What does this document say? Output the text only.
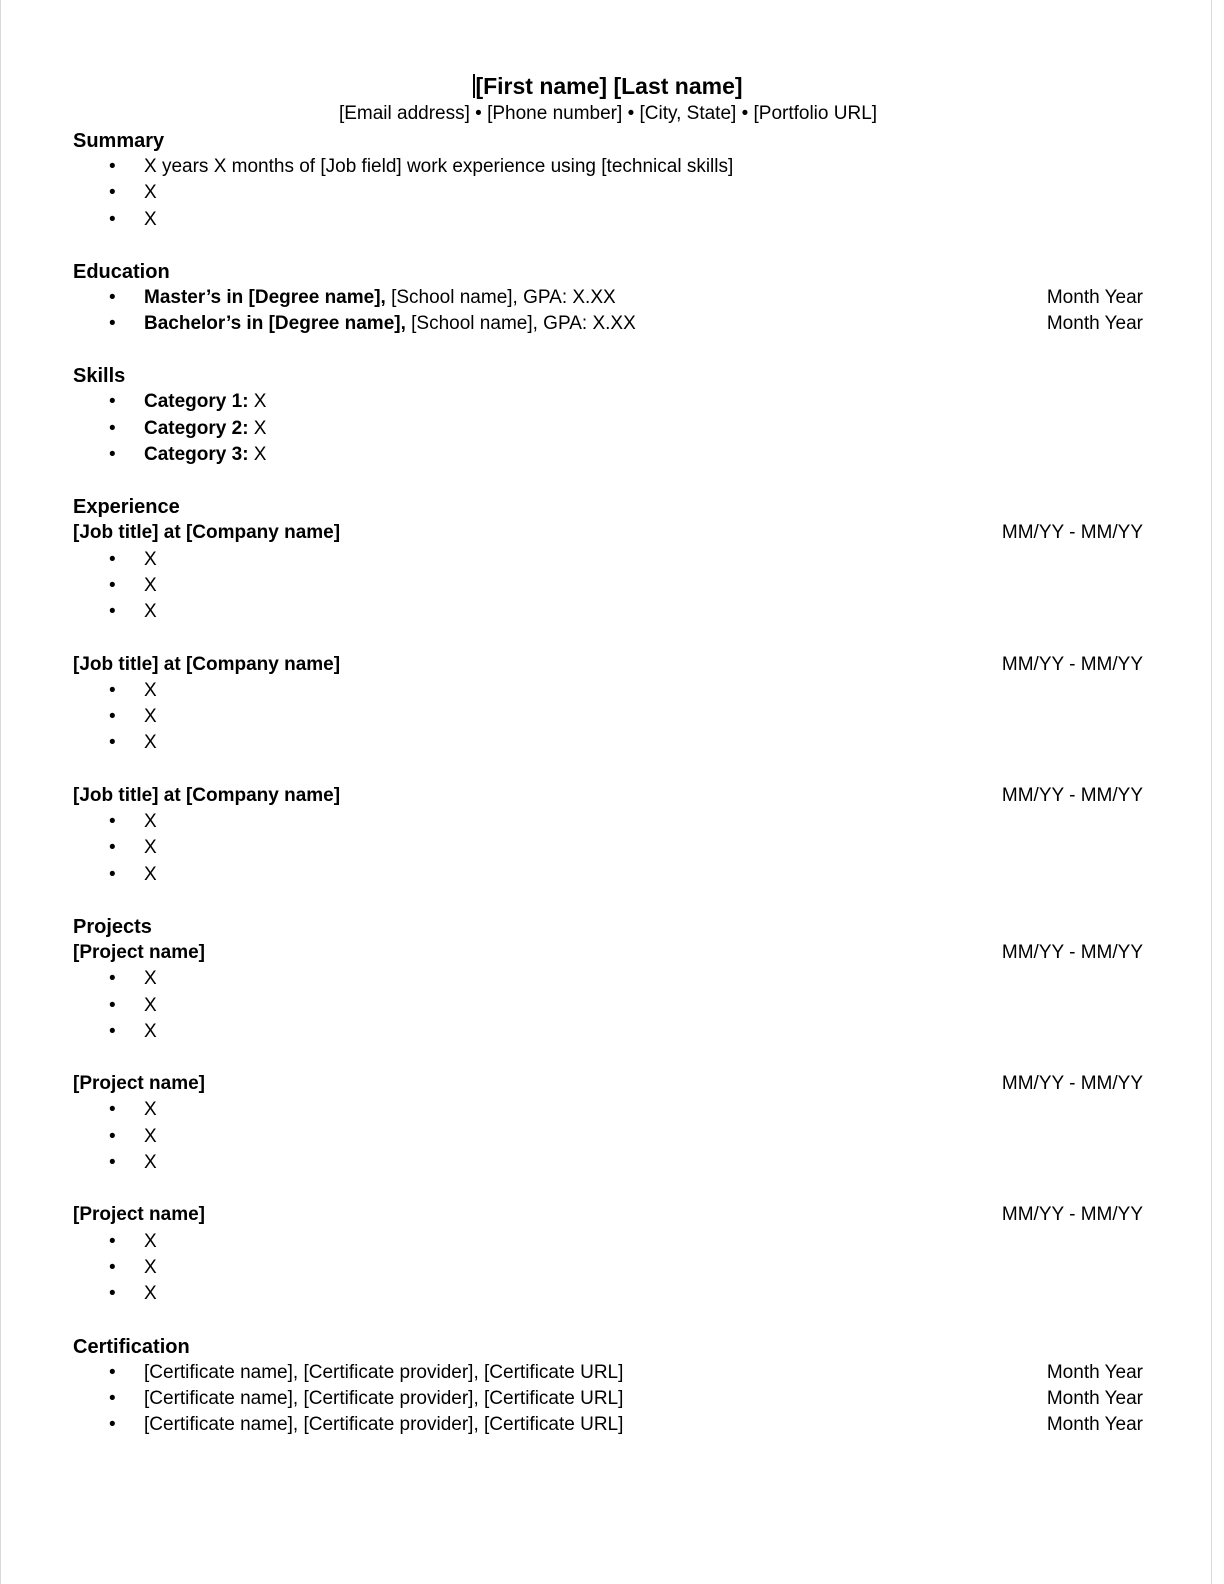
[First name] [Last name]

[Email address] • [Phone number] • [City, State] • [Portfolio URL]

Summary

• X years X months of [Job field] work experience using [technical skills]
• X
• X

Education

• Master’s in [Degree name], [School name], GPA: X.XX	Month Year
• Bachelor’s in [Degree name], [School name], GPA: X.XX	Month Year

Skills

• Category 1: X
• Category 2: X
• Category 3: X

Experience

[Job title] at [Company name]	MM/YY - MM/YY
• X
• X
• X
[Job title] at [Company name]	MM/YY - MM/YY
• X
• X
• X
[Job title] at [Company name]	MM/YY - MM/YY
• X
• X
• X

Projects

[Project name]	MM/YY - MM/YY
• X
• X
• X
[Project name]	MM/YY - MM/YY
• X
• X
• X
[Project name]	MM/YY - MM/YY
• X
• X
• X

Certification

• [Certificate name], [Certificate provider], [Certificate URL]	Month Year
• [Certificate name], [Certificate provider], [Certificate URL]	Month Year
• [Certificate name], [Certificate provider], [Certificate URL]	Month Year
